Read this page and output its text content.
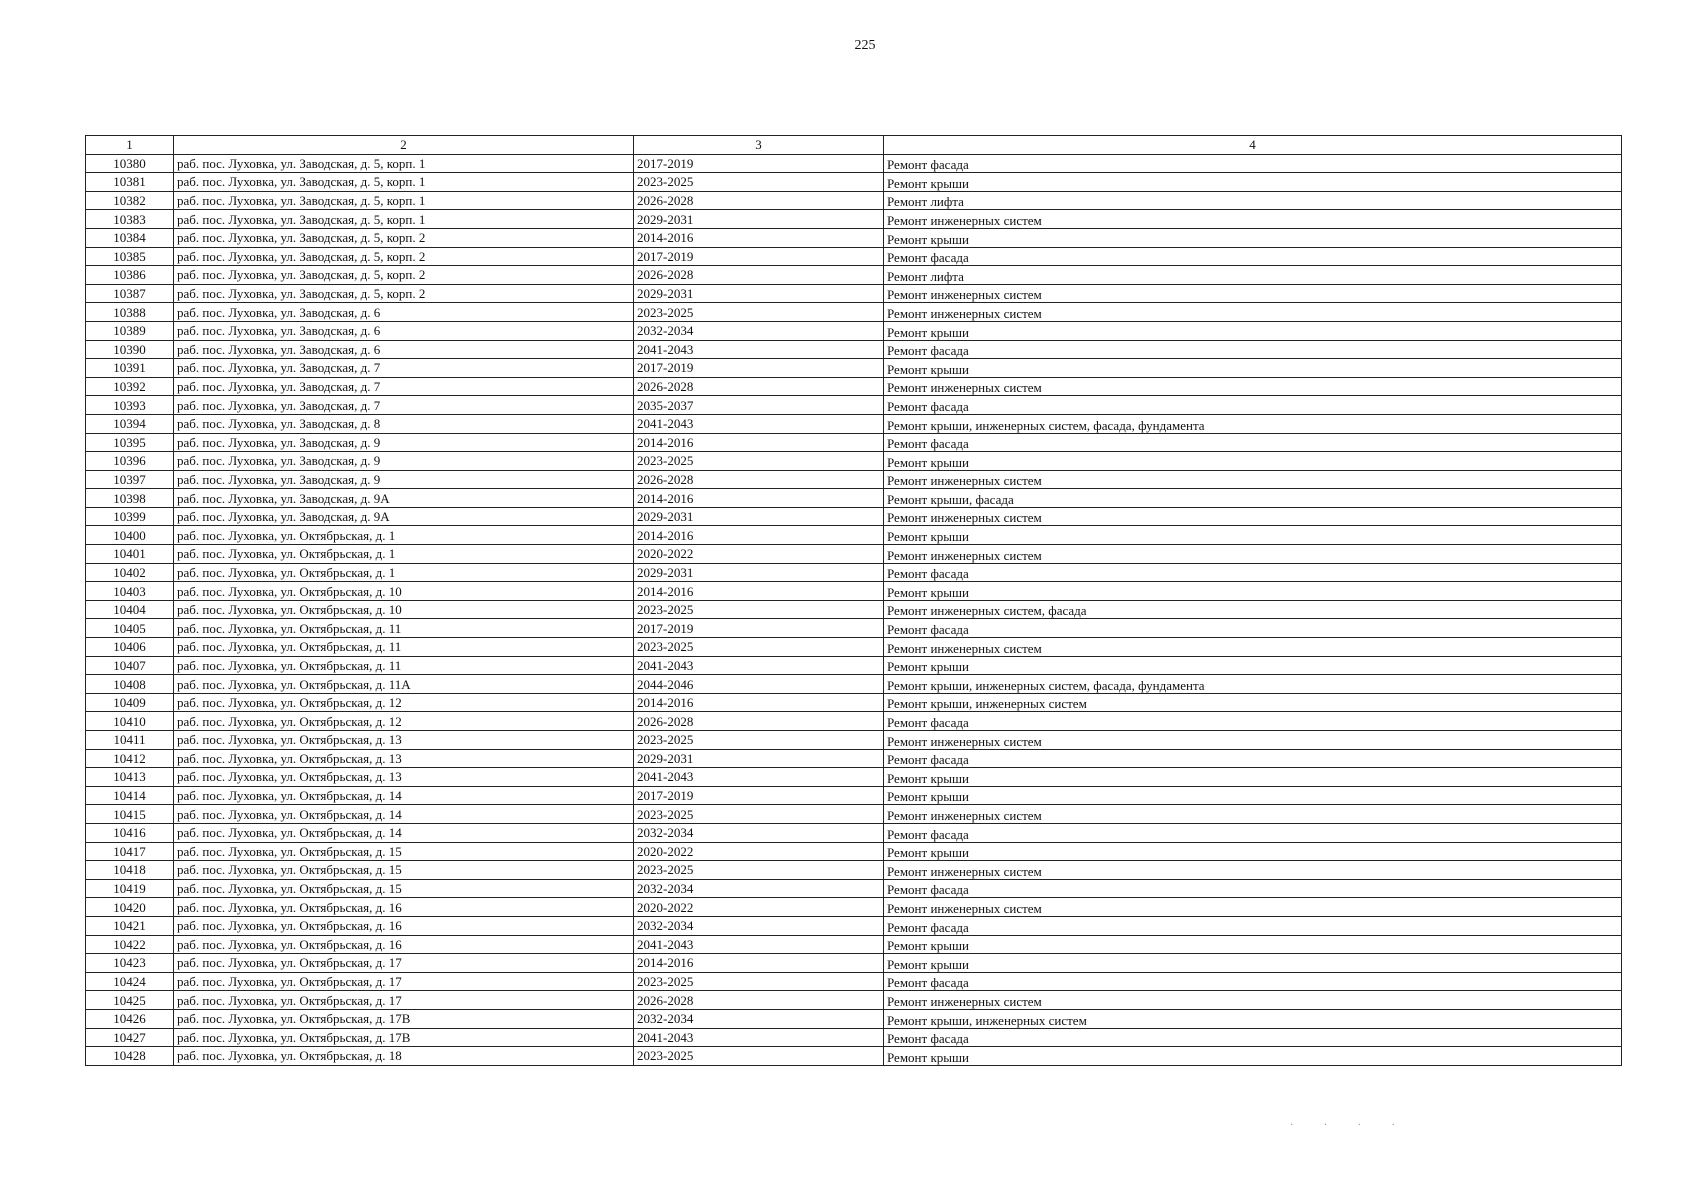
225
1	2	3	4
10380	раб. пос. Луховка, ул. Заводская, д. 5, корп. 1	2017-2019	Ремонт фасада
10381	раб. пос. Луховка, ул. Заводская, д. 5, корп. 1	2023-2025	Ремонт крыши
10382	раб. пос. Луховка, ул. Заводская, д. 5, корп. 1	2026-2028	Ремонт лифта
10383	раб. пос. Луховка, ул. Заводская, д. 5, корп. 1	2029-2031	Ремонт инженерных систем
10384	раб. пос. Луховка, ул. Заводская, д. 5, корп. 2	2014-2016	Ремонт крыши
10385	раб. пос. Луховка, ул. Заводская, д. 5, корп. 2	2017-2019	Ремонт фасада
10386	раб. пос. Луховка, ул. Заводская, д. 5, корп. 2	2026-2028	Ремонт лифта
10387	раб. пос. Луховка, ул. Заводская, д. 5, корп. 2	2029-2031	Ремонт инженерных систем
10388	раб. пос. Луховка, ул. Заводская, д. 6	2023-2025	Ремонт инженерных систем
10389	раб. пос. Луховка, ул. Заводская, д. 6	2032-2034	Ремонт крыши
10390	раб. пос. Луховка, ул. Заводская, д. 6	2041-2043	Ремонт фасада
10391	раб. пос. Луховка, ул. Заводская, д. 7	2017-2019	Ремонт крыши
10392	раб. пос. Луховка, ул. Заводская, д. 7	2026-2028	Ремонт инженерных систем
10393	раб. пос. Луховка, ул. Заводская, д. 7	2035-2037	Ремонт фасада
10394	раб. пос. Луховка, ул. Заводская, д. 8	2041-2043	Ремонт крыши, инженерных систем, фасада, фундамента
10395	раб. пос. Луховка, ул. Заводская, д. 9	2014-2016	Ремонт фасада
10396	раб. пос. Луховка, ул. Заводская, д. 9	2023-2025	Ремонт крыши
10397	раб. пос. Луховка, ул. Заводская, д. 9	2026-2028	Ремонт инженерных систем
10398	раб. пос. Луховка, ул. Заводская, д. 9А	2014-2016	Ремонт крыши, фасада
10399	раб. пос. Луховка, ул. Заводская, д. 9А	2029-2031	Ремонт инженерных систем
10400	раб. пос. Луховка, ул. Октябрьская, д. 1	2014-2016	Ремонт крыши
10401	раб. пос. Луховка, ул. Октябрьская, д. 1	2020-2022	Ремонт инженерных систем
10402	раб. пос. Луховка, ул. Октябрьская, д. 1	2029-2031	Ремонт фасада
10403	раб. пос. Луховка, ул. Октябрьская, д. 10	2014-2016	Ремонт крыши
10404	раб. пос. Луховка, ул. Октябрьская, д. 10	2023-2025	Ремонт инженерных систем, фасада
10405	раб. пос. Луховка, ул. Октябрьская, д. 11	2017-2019	Ремонт фасада
10406	раб. пос. Луховка, ул. Октябрьская, д. 11	2023-2025	Ремонт инженерных систем
10407	раб. пос. Луховка, ул. Октябрьская, д. 11	2041-2043	Ремонт крыши
10408	раб. пос. Луховка, ул. Октябрьская, д. 11А	2044-2046	Ремонт крыши, инженерных систем, фасада, фундамента
10409	раб. пос. Луховка, ул. Октябрьская, д. 12	2014-2016	Ремонт крыши, инженерных систем
10410	раб. пос. Луховка, ул. Октябрьская, д. 12	2026-2028	Ремонт фасада
10411	раб. пос. Луховка, ул. Октябрьская, д. 13	2023-2025	Ремонт инженерных систем
10412	раб. пос. Луховка, ул. Октябрьская, д. 13	2029-2031	Ремонт фасада
10413	раб. пос. Луховка, ул. Октябрьская, д. 13	2041-2043	Ремонт крыши
10414	раб. пос. Луховка, ул. Октябрьская, д. 14	2017-2019	Ремонт крыши
10415	раб. пос. Луховка, ул. Октябрьская, д. 14	2023-2025	Ремонт инженерных систем
10416	раб. пос. Луховка, ул. Октябрьская, д. 14	2032-2034	Ремонт фасада
10417	раб. пос. Луховка, ул. Октябрьская, д. 15	2020-2022	Ремонт крыши
10418	раб. пос. Луховка, ул. Октябрьская, д. 15	2023-2025	Ремонт инженерных систем
10419	раб. пос. Луховка, ул. Октябрьская, д. 15	2032-2034	Ремонт фасада
10420	раб. пос. Луховка, ул. Октябрьская, д. 16	2020-2022	Ремонт инженерных систем
10421	раб. пос. Луховка, ул. Октябрьская, д. 16	2032-2034	Ремонт фасада
10422	раб. пос. Луховка, ул. Октябрьская, д. 16	2041-2043	Ремонт крыши
10423	раб. пос. Луховка, ул. Октябрьская, д. 17	2014-2016	Ремонт крыши
10424	раб. пос. Луховка, ул. Октябрьская, д. 17	2023-2025	Ремонт фасада
10425	раб. пос. Луховка, ул. Октябрьская, д. 17	2026-2028	Ремонт инженерных систем
10426	раб. пос. Луховка, ул. Октябрьская, д. 17В	2032-2034	Ремонт крыши, инженерных систем
10427	раб. пос. Луховка, ул. Октябрьская, д. 17В	2041-2043	Ремонт фасада
10428	раб. пос. Луховка, ул. Октябрьская, д. 18	2023-2025	Ремонт крыши
· · · ·
